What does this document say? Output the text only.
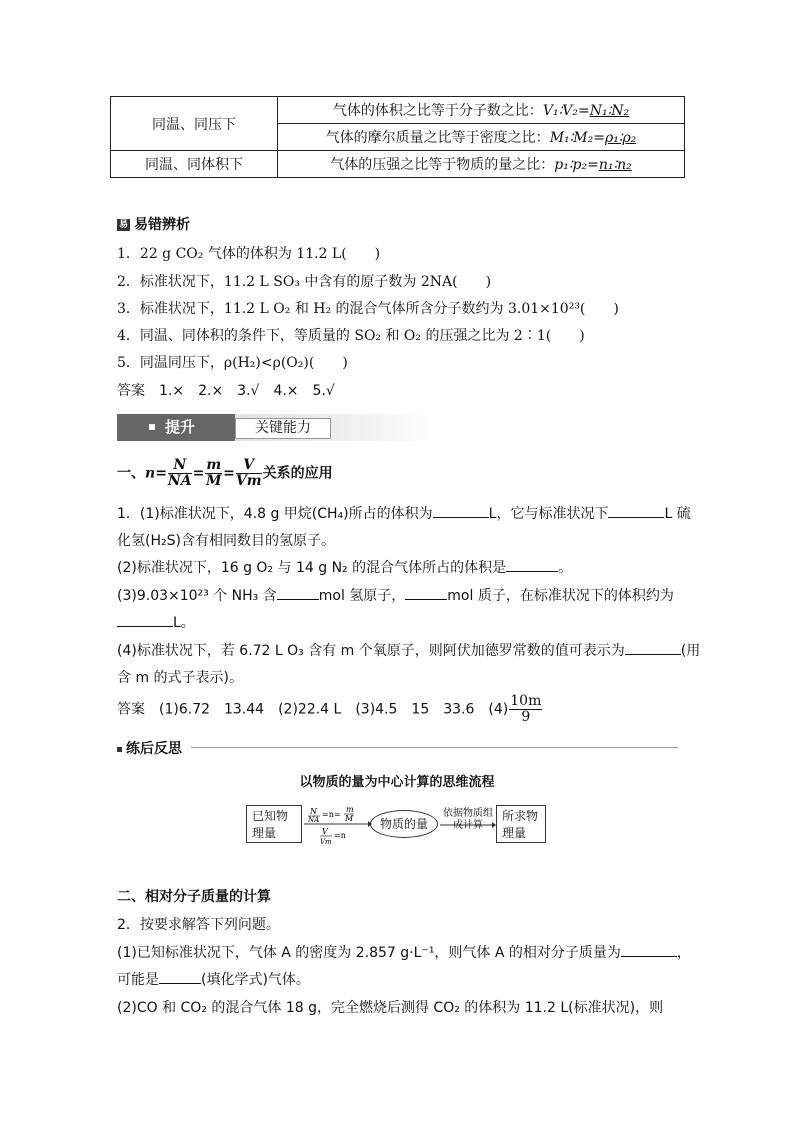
同温、同压下	气体的体积之比等于分子数之比：V₁∶V₂=N₁∶N₂
	气体的摩尔质量之比等于密度之比：M₁∶M₂=ρ₁∶ρ₂
同温、同体积下	气体的压强之比等于物质的量之比：p₁∶p₂=n₁∶n₂
易 易错辨析
1．22 g CO₂ 气体的体积为 11.2 L(　　)
2．标准状况下，11.2 L SO₃ 中含有的原子数为 2NA(　　)
3．标准状况下，11.2 L O₂ 和 H₂ 的混合气体所含分子数约为 3.01×10²³(　　)
4．同温、同体积的条件下，等质量的 SO₂ 和 O₂ 的压强之比为 2∶1(　　)
5．同温同压下，ρ(H₂)<ρ(O₂)(　　)
答案　1.×　2.×　3.√　4.×　5.√
提升	关键能力
一、$n= \frac{N}{NA} = \frac{m}{M} = \frac{V}{Vm}$ 关系的应用
1．(1)标准状况下，4.8 g 甲烷(CH₄)所占的体积为	L，它与标准状况下	L 硫
化氢(H₂S)含有相同数目的氢原子。
(2)标准状况下，16 g O₂ 与 14 g N₂ 的混合气体所占的体积是	。
(3)9.03×10²³ 个 NH₃ 含	mol 氢原子，	mol 质子，在标准状况下的体积约为
L。
(4)标准状况下，若 6.72 L O₃ 含有 m 个氧原子，则阿伏加德罗常数的值可表示为	(用
含 m 的式子表示)。
答案　(1)6.72　13.44　(2)22.4 L　(3)4.5　15　33.6　$(4) \frac{10m}{9}$
练后反思
以物质的量为中心计算的思维流程
已知物理量
N
NA
=n=
m
M
V
Vm
=n
物质的量
依据物质组成计算
所求物理量
二、相对分子质量的计算
2．按要求解答下列问题。
(1)已知标准状况下，气体 A 的密度为 2.857 g·L⁻¹，则气体 A 的相对分子质量为	，
可能是	(填化学式)气体。
(2)CO 和 CO₂ 的混合气体 18 g，完全燃烧后测得 CO₂ 的体积为 11.2 L(标准状况)，则
